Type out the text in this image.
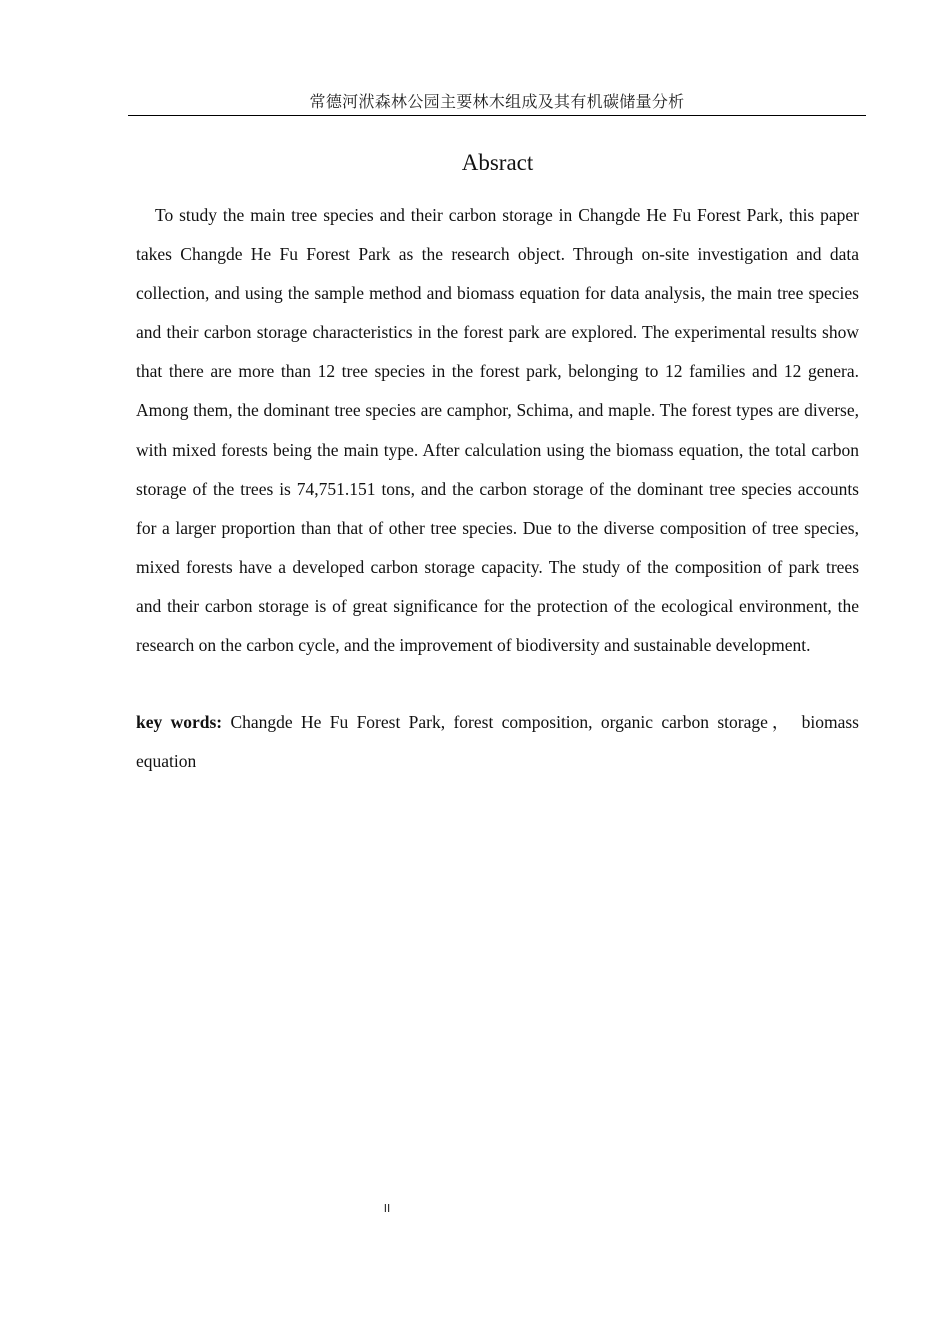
常德河洑森林公园主要林木组成及其有机碳储量分析
Absract

To study the main tree species and their carbon storage in Changde He Fu Forest Park, this paper takes Changde He Fu Forest Park as the research object. Through on-site investigation and data collection, and using the sample method and biomass equation for data analysis, the main tree species and their carbon storage characteristics in the forest park are explored. The experimental results show that there are more than 12 tree species in the forest park, belonging to 12 families and 12 genera. Among them, the dominant tree species are camphor, Schima, and maple. The forest types are diverse, with mixed forests being the main type. After calculation using the biomass equation, the total carbon storage of the trees is 74,751.151 tons, and the carbon storage of the dominant tree species accounts for a larger proportion than that of other tree species. Due to the diverse composition of tree species, mixed forests have a developed carbon storage capacity. The study of the composition of park trees and their carbon storage is of great significance for the protection of the ecological environment, the research on the carbon cycle, and the improvement of biodiversity and sustainable development.

key words: Changde He Fu Forest Park, forest composition, organic carbon storage， biomass equation

II
